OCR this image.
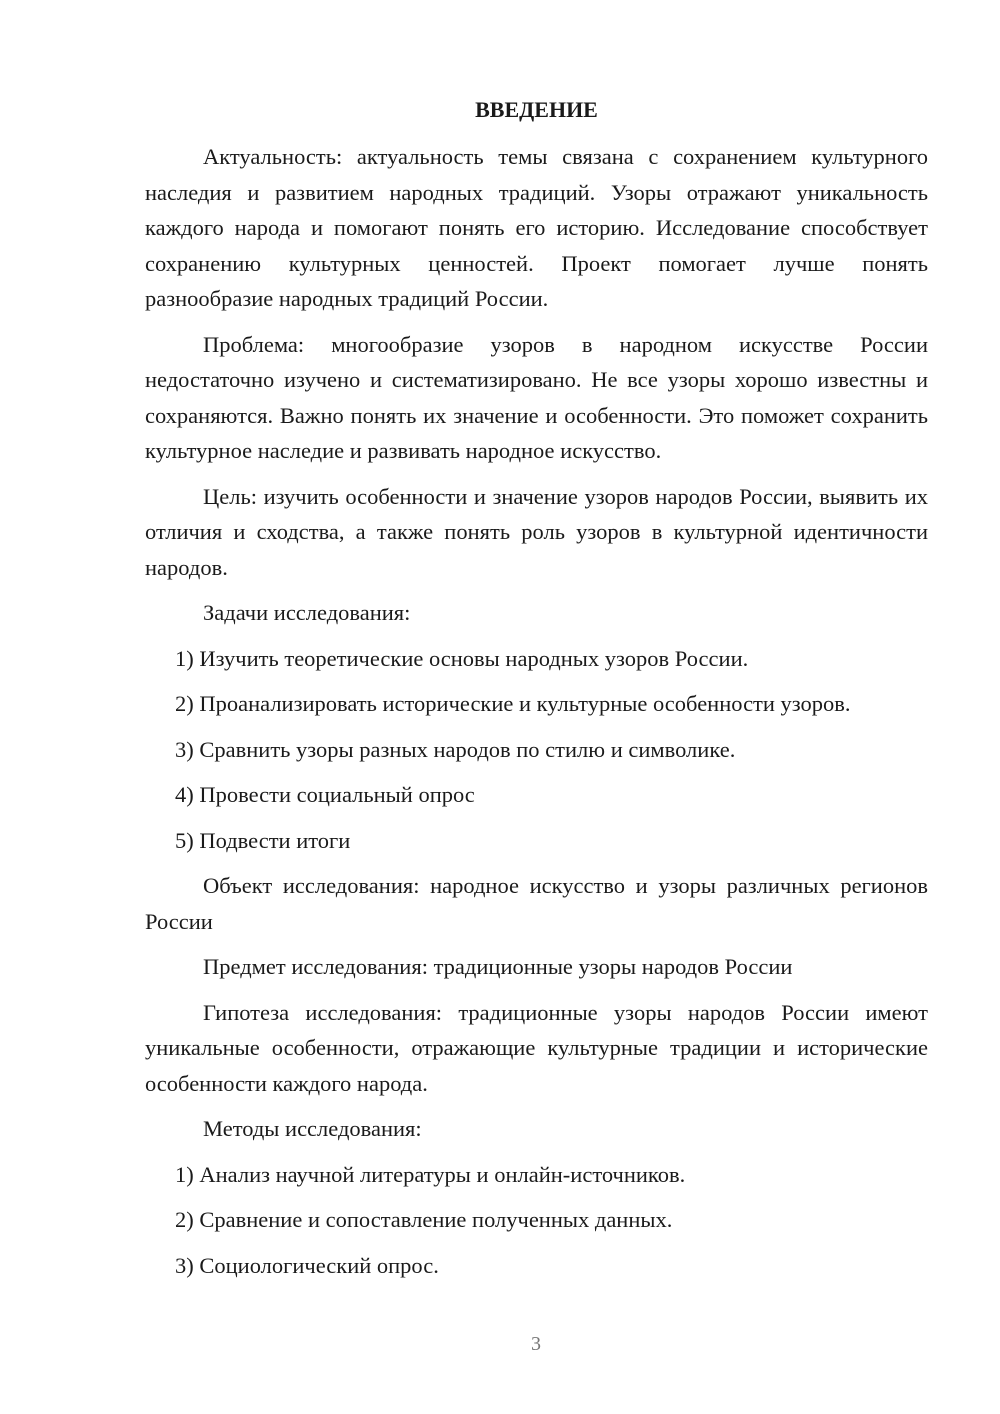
ВВЕДЕНИЕ

Актуальность: актуальность темы связана с сохранением культурного наследия и развитием народных традиций. Узоры отражают уникальность каждого народа и помогают понять его историю. Исследование способствует сохранению культурных ценностей. Проект помогает лучше понять разнообразие народных традиций России.

Проблема: многообразие узоров в народном искусстве России недостаточно изучено и систематизировано. Не все узоры хорошо известны и сохраняются. Важно понять их значение и особенности. Это поможет сохранить культурное наследие и развивать народное искусство.

Цель: изучить особенности и значение узоров народов России, выявить их отличия и сходства, а также понять роль узоров в культурной идентичности народов.

Задачи исследования:

1) Изучить теоретические основы народных узоров России.
2) Проанализировать исторические и культурные особенности узоров.
3) Сравнить узоры разных народов по стилю и символике.
4) Провести социальный опрос
5) Подвести итоги

Объект исследования: народное искусство и узоры различных регионов России

Предмет исследования: традиционные узоры народов России

Гипотеза исследования: традиционные узоры народов России имеют уникальные особенности, отражающие культурные традиции и исторические особенности каждого народа.

Методы исследования:

1) Анализ научной литературы и онлайн-источников.
2) Сравнение и сопоставление полученных данных.
3) Социологический опрос.
3
